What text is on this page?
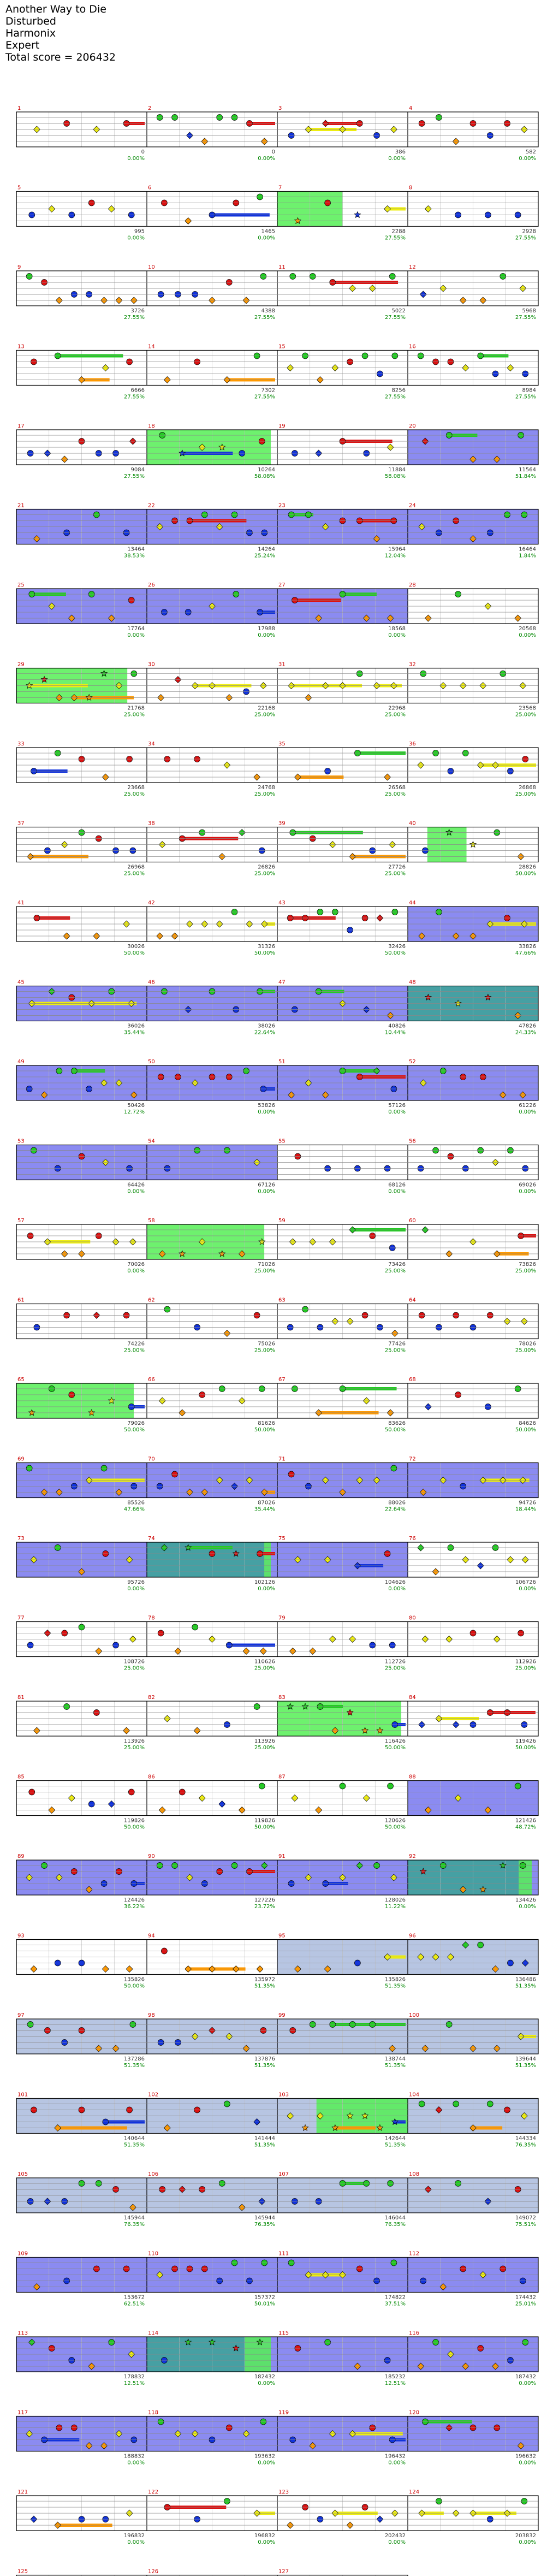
Another Way to Die
Disturbed
Harmonix
Expert
Total score = 206432
1
0
0.00%
2
0
0.00%
3
386
0.00%
4
582
0.00%
5
995
0.00%
6
1465
0.00%
7
2288
27.55%
8
2928
27.55%
9
3726
27.55%
10
4388
27.55%
11
5022
27.55%
12
5968
27.55%
13
6666
27.55%
14
7302
27.55%
15
8256
27.55%
16
8984
27.55%
17
9084
27.55%
18
10264
58.08%
19
11884
58.08%
20
11564
51.84%
21
13464
38.53%
22
14264
25.24%
23
15964
12.04%
24
16464
1.84%
25
17764
0.00%
26
17988
0.00%
27
18568
0.00%
28
20568
0.00%
29
21768
25.00%
30
22168
25.00%
31
22968
25.00%
32
23568
25.00%
33
23668
25.00%
34
24768
25.00%
35
26568
25.00%
36
26868
25.00%
37
26968
25.00%
38
26826
25.00%
39
27726
25.00%
40
28826
50.00%
41
30026
50.00%
42
31326
50.00%
43
32426
50.00%
44
33826
47.66%
45
36026
35.44%
46
38026
22.64%
47
40826
10.44%
48
47826
24.33%
49
50426
12.72%
50
53826
0.00%
51
57126
0.00%
52
61226
0.00%
53
64426
0.00%
54
67126
0.00%
55
68126
0.00%
56
69026
0.00%
57
70026
0.00%
58
71026
25.00%
59
73426
25.00%
60
73826
25.00%
61
74226
25.00%
62
75026
25.00%
63
77426
25.00%
64
78026
25.00%
65
79026
50.00%
66
81626
50.00%
67
83626
50.00%
68
84626
50.00%
69
85526
47.66%
70
87026
35.44%
71
88026
22.64%
72
94726
18.44%
73
95726
0.00%
74
102126
0.00%
75
104626
0.00%
76
106726
0.00%
77
108726
25.00%
78
110626
25.00%
79
112726
25.00%
80
112926
25.00%
81
113926
25.00%
82
113926
25.00%
83
116426
50.00%
84
119426
50.00%
85
119826
50.00%
86
119826
50.00%
87
120626
50.00%
88
121426
48.72%
89
124426
36.22%
90
127226
23.72%
91
128026
11.22%
92
134426
0.00%
93
135826
50.00%
94
135972
51.35%
95
135826
51.35%
96
136486
51.35%
97
137286
51.35%
98
137876
51.35%
99
138744
51.35%
100
139644
51.35%
101
140644
51.35%
102
141444
51.35%
103
142644
51.35%
104
144334
76.35%
105
145944
76.35%
106
145944
76.35%
107
146044
76.35%
108
149072
75.51%
109
153672
62.51%
110
157372
50.01%
111
174822
37.51%
112
174432
25.01%
113
178832
12.51%
114
182432
0.00%
115
185232
12.51%
116
187432
0.00%
117
188832
0.00%
118
193632
0.00%
119
196432
0.00%
120
196632
0.00%
121
196832
0.00%
122
196832
0.00%
123
202432
0.00%
124
203832
0.00%
125	126	127
